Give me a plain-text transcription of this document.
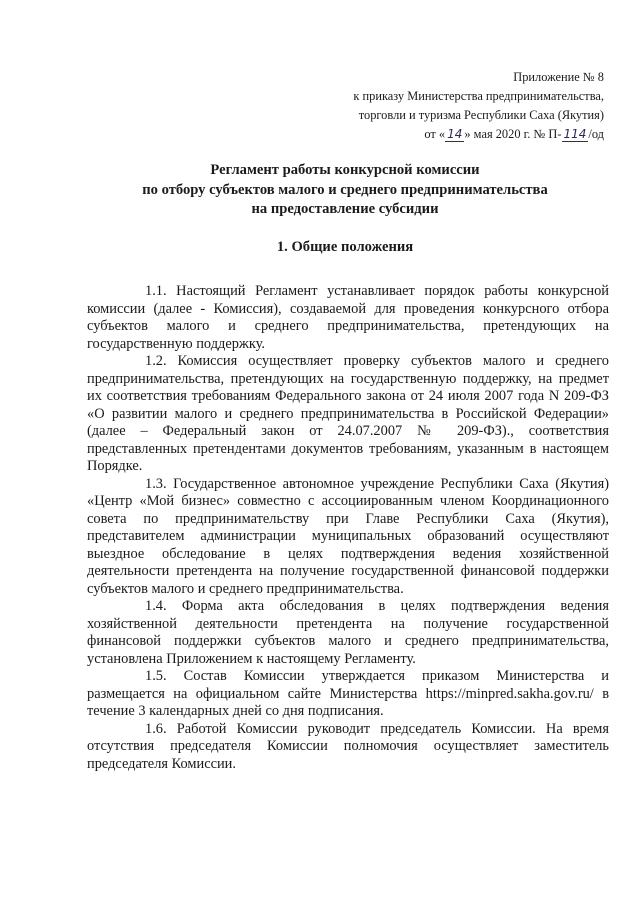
Приложение № 8
к приказу Министерства предпринимательства,
торговли и туризма Республики Саха (Якутия)
от « 14 » мая 2020 г. № П- 114 /од
Регламент работы конкурсной комиссии
по отбору субъектов малого и среднего предпринимательства
на предоставление субсидии
1. Общие положения

1.1. Настоящий Регламент устанавливает порядок работы конкурсной комиссии (далее - Комиссия), создаваемой для проведения конкурсного отбора субъектов малого и среднего предпринимательства, претендующих на государственную поддержку.

1.2. Комиссия осуществляет проверку субъектов малого и среднего предпринимательства, претендующих на государственную поддержку, на предмет их соответствия требованиям Федерального закона от 24 июля 2007 года N 209-ФЗ «О развитии малого и среднего предпринимательства в Российской Федерации» (далее – Федеральный закон от 24.07.2007 № 209-ФЗ)., соответствия представленных претендентами документов требованиям, указанным в настоящем Порядке.

1.3. Государственное автономное учреждение Республики Саха (Якутия) «Центр «Мой бизнес» совместно с ассоциированным членом Координационного совета по предпринимательству при Главе Республики Саха (Якутия), представителем администрации муниципальных образований осуществляют выездное обследование в целях подтверждения ведения хозяйственной деятельности претендента на получение государственной финансовой поддержки субъектов малого и среднего предпринимательства.

1.4. Форма акта обследования в целях подтверждения ведения хозяйственной деятельности претендента на получение государственной финансовой поддержки субъектов малого и среднего предпринимательства, установлена Приложением к настоящему Регламенту.

1.5. Состав Комиссии утверждается приказом Министерства и размещается на официальном сайте Министерства https://minpred.sakha.gov.ru/ в течение 3 календарных дней со дня подписания.

1.6. Работой Комиссии руководит председатель Комиссии. На время отсутствия председателя Комиссии полномочия осуществляет заместитель председателя Комиссии.
